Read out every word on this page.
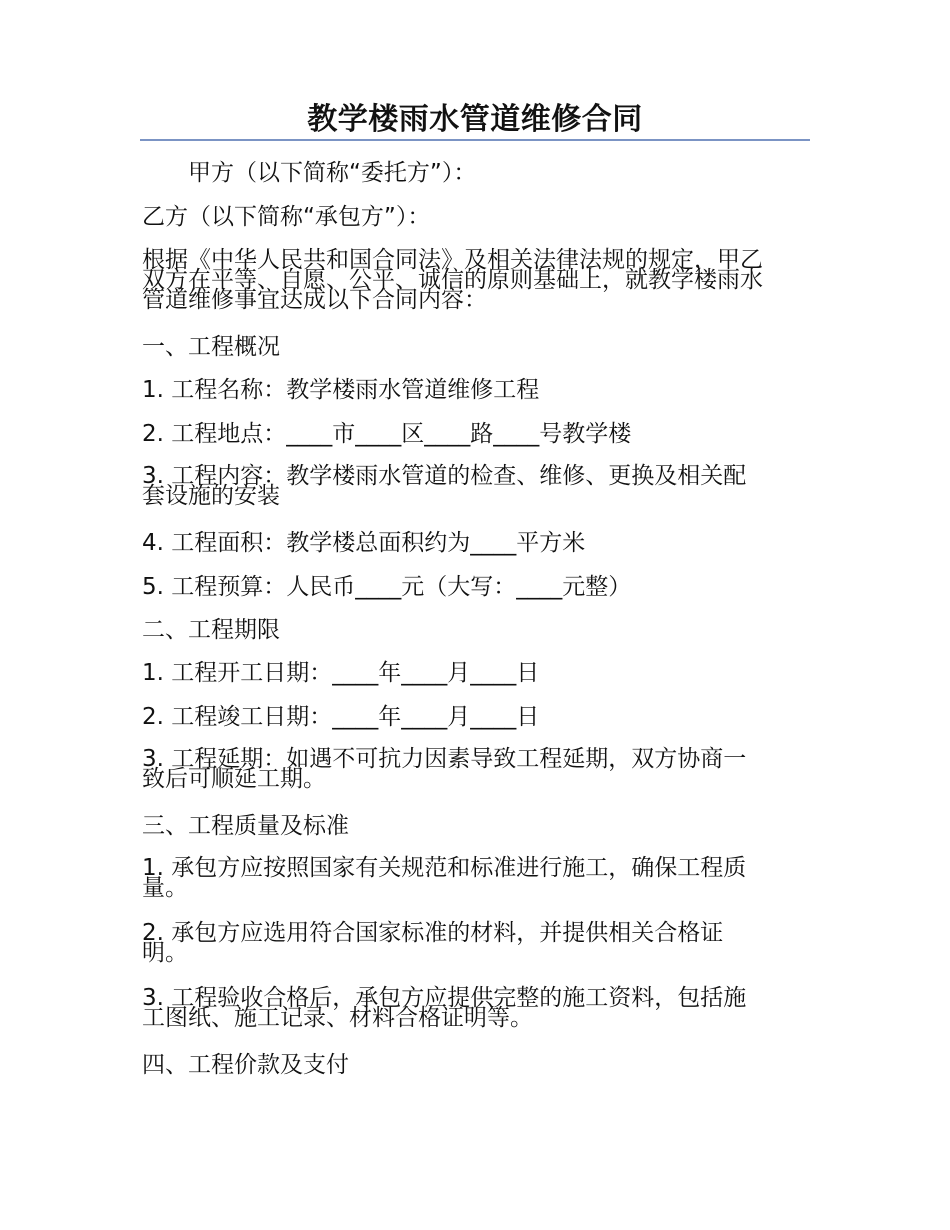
教学楼雨水管道维修合同
甲方（以下简称“委托方”）：
乙方（以下简称“承包方”）：
根据《中华人民共和国合同法》及相关法律法规的规定，甲乙
双方在平等、自愿、公平、诚信的原则基础上，就教学楼雨水
管道维修事宜达成以下合同内容：
一、工程概况
1. 工程名称：教学楼雨水管道维修工程
2. 工程地点：____市____区____路____号教学楼
3. 工程内容：教学楼雨水管道的检查、维修、更换及相关配
套设施的安装
4. 工程面积：教学楼总面积约为____平方米
5. 工程预算：人民币____元（大写：____元整）
二、工程期限
1. 工程开工日期：____年____月____日
2. 工程竣工日期：____年____月____日
3. 工程延期：如遇不可抗力因素导致工程延期，双方协商一
致后可顺延工期。
三、工程质量及标准
1. 承包方应按照国家有关规范和标准进行施工，确保工程质
量。
2. 承包方应选用符合国家标准的材料，并提供相关合格证
明。
3. 工程验收合格后，承包方应提供完整的施工资料，包括施
工图纸、施工记录、材料合格证明等。
四、工程价款及支付
